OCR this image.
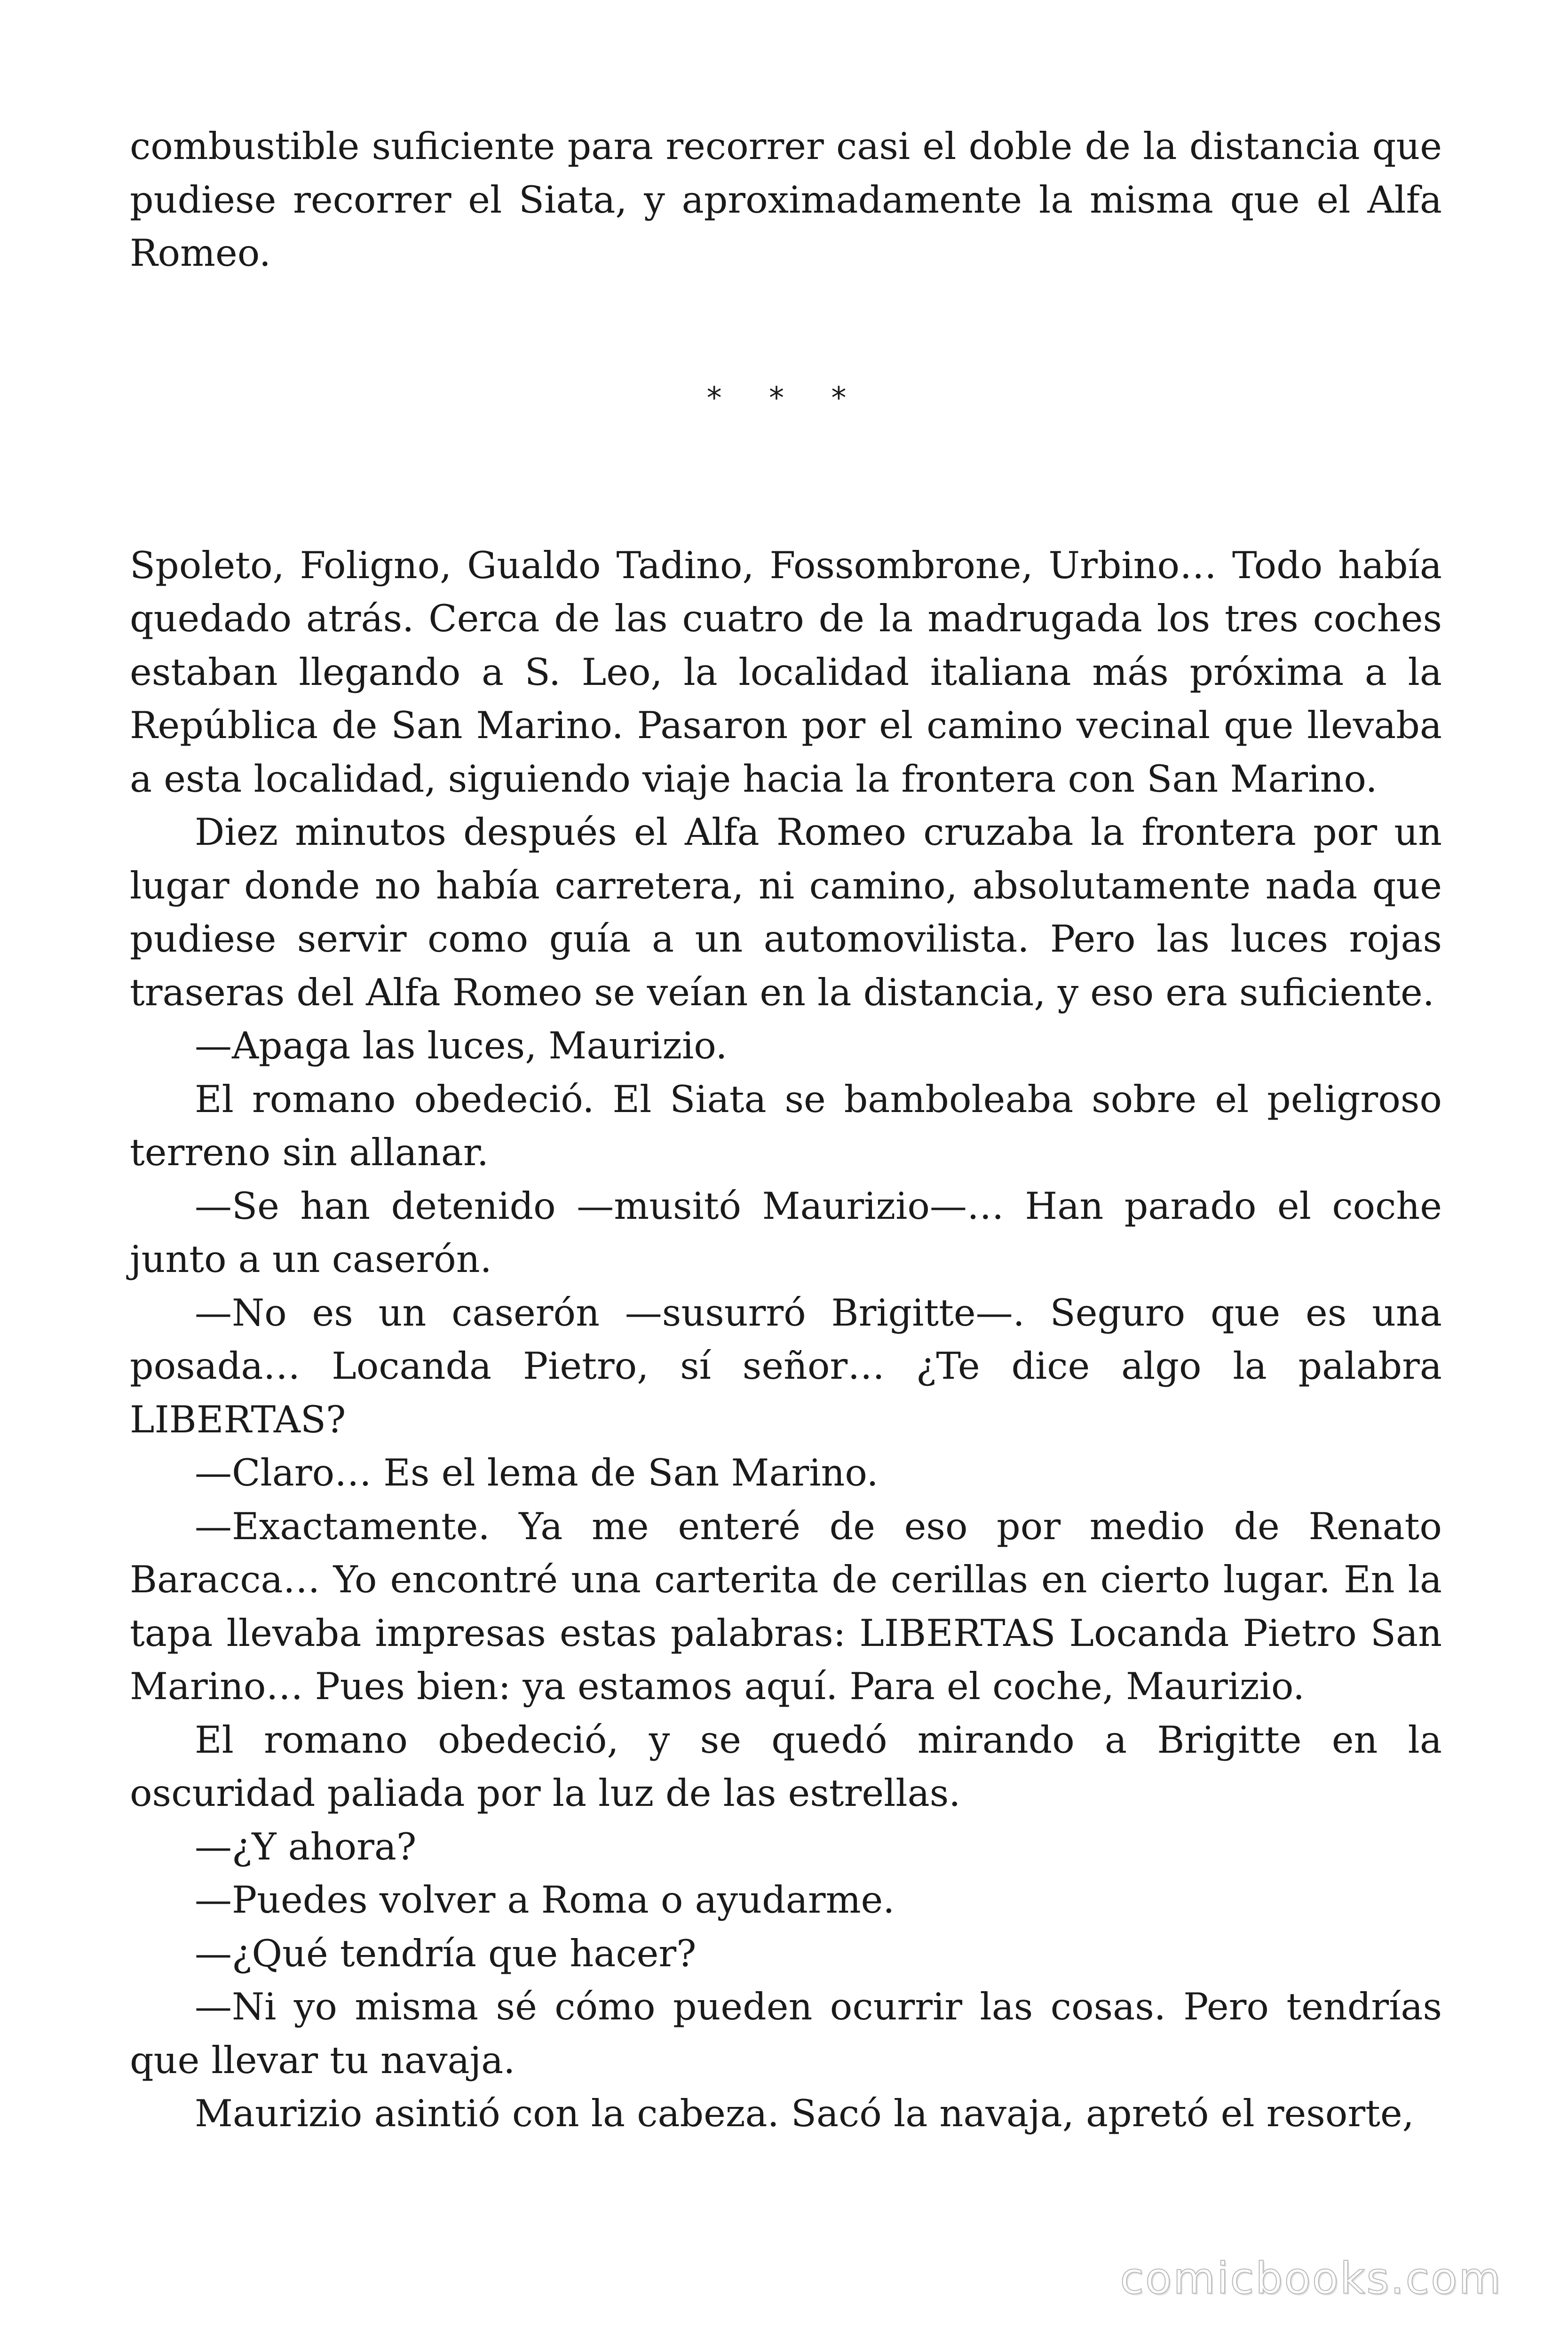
combustible suficiente para recorrer casi el doble de la distancia que pudiese recorrer el Siata, y aproximadamente la misma que el Alfa Romeo.

* * *

Spoleto, Foligno, Gualdo Tadino, Fossombrone, Urbino… Todo había quedado atrás. Cerca de las cuatro de la madrugada los tres coches estaban llegando a S. Leo, la localidad italiana más próxima a la República de San Marino. Pasaron por el camino vecinal que llevaba a esta localidad, siguiendo viaje hacia la frontera con San Marino.

Diez minutos después el Alfa Romeo cruzaba la frontera por un lugar donde no había carretera, ni camino, absolutamente nada que pudiese servir como guía a un automovilista. Pero las luces rojas traseras del Alfa Romeo se veían en la distancia, y eso era suficiente.

—Apaga las luces, Maurizio.

El romano obedeció. El Siata se bamboleaba sobre el peligroso terreno sin allanar.

—Se han detenido —musitó Maurizio—… Han parado el coche junto a un caserón.

—No es un caserón —susurró Brigitte—. Seguro que es una posada… Locanda Pietro, sí señor… ¿Te dice algo la palabra LIBERTAS?

—Claro… Es el lema de San Marino.

—Exactamente. Ya me enteré de eso por medio de Renato Baracca… Yo encontré una carterita de cerillas en cierto lugar. En la tapa llevaba impresas estas palabras: LIBERTAS Locanda Pietro San Marino… Pues bien: ya estamos aquí. Para el coche, Maurizio.

El romano obedeció, y se quedó mirando a Brigitte en la oscuridad paliada por la luz de las estrellas.

—¿Y ahora?

—Puedes volver a Roma o ayudarme.

—¿Qué tendría que hacer?

—Ni yo misma sé cómo pueden ocurrir las cosas. Pero tendrías que llevar tu navaja.

Maurizio asintió con la cabeza. Sacó la navaja, apretó el resorte,

comicbooks.com
